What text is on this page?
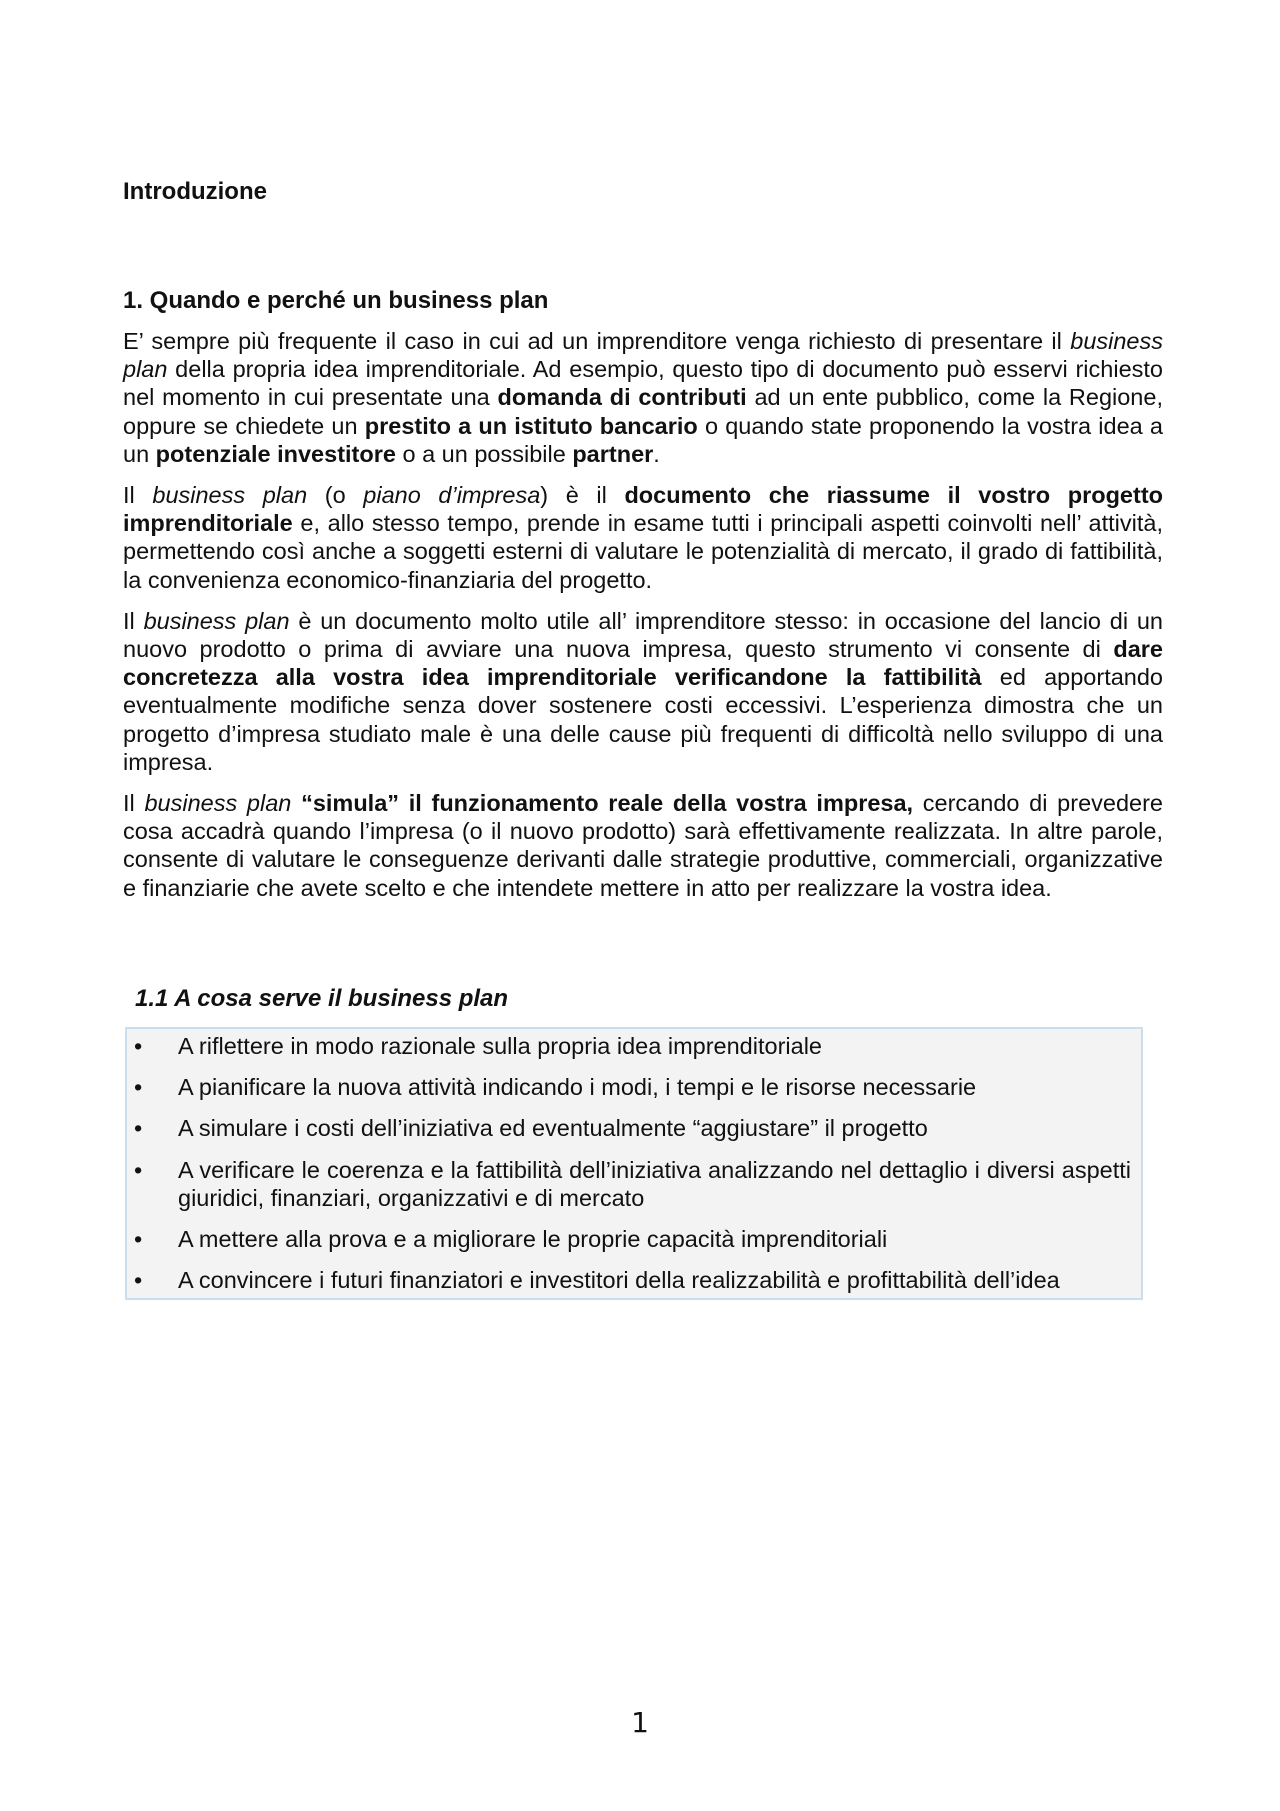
Introduzione
1. Quando e perché un business plan

E’ sempre più frequente il caso in cui ad un imprenditore venga richiesto di presentare il business plan della propria idea imprenditoriale. Ad esempio, questo tipo di documento può esservi richiesto nel momento in cui presentate una domanda di contributi ad un ente pubblico, come la Regione, oppure se chiedete un prestito a un istituto bancario o quando state proponendo la vostra idea a un potenziale investitore o a un possibile partner.

Il business plan (o piano d’impresa) è il documento che riassume il vostro progetto imprenditoriale e, allo stesso tempo, prende in esame tutti i principali aspetti coinvolti nell’ attività, permettendo così anche a soggetti esterni di valutare le potenzialità di mercato, il grado di fattibilità, la convenienza economico-finanziaria del progetto.

Il business plan è un documento molto utile all’ imprenditore stesso: in occasione del lancio di un nuovo prodotto o prima di avviare una nuova impresa, questo strumento vi consente di dare concretezza alla vostra idea imprenditoriale verificandone la fattibilità ed apportando eventualmente modifiche senza dover sostenere costi eccessivi. L’esperienza dimostra che un progetto d’impresa studiato male è una delle cause più frequenti di difficoltà nello sviluppo di una impresa.

Il business plan “simula” il funzionamento reale della vostra impresa, cercando di prevedere cosa accadrà quando l’impresa (o il nuovo prodotto) sarà effettivamente realizzata. In altre parole, consente di valutare le conseguenze derivanti dalle strategie produttive, commerciali, organizzative e finanziarie che avete scelto e che intendete mettere in atto per realizzare la vostra idea.

1.1 A cosa serve il business plan
• A riflettere in modo razionale sulla propria idea imprenditoriale
• A pianificare la nuova attività indicando i modi, i tempi e le risorse necessarie
• A simulare i costi dell’iniziativa ed eventualmente “aggiustare” il progetto
• A verificare le coerenza e la fattibilità dell’iniziativa analizzando nel dettaglio i diversi aspetti giuridici, finanziari, organizzativi e di mercato
• A mettere alla prova e a migliorare le proprie capacità imprenditoriali
• A convincere i futuri finanziatori e investitori della realizzabilità e profittabilità dell’idea
1
